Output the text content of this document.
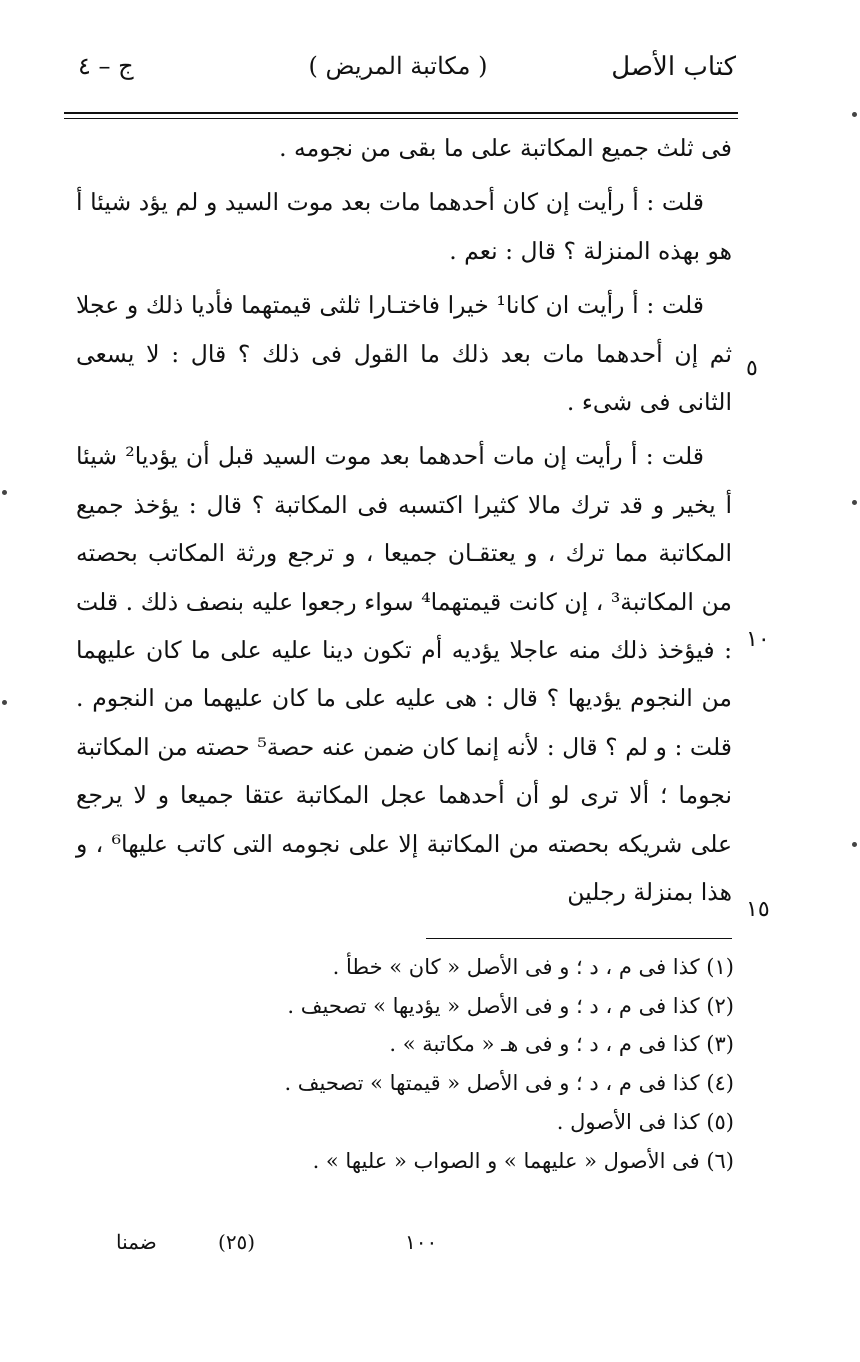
كتاب الأصل
( مكاتبة المريض )
ج – ٤

فى ثلث جميع المكاتبة على ما بقى من نجومه .

قلت : أ رأيت إن كان أحدهما مات بعد موت السيد و لم يؤد شيئا أ هو بهذه المنزلة ؟ قال : نعم .

قلت : أ رأيت ان كانا¹ خيرا فاختـارا ثلثى قيمتهما فأديا ذلك و عجلا ثم إن أحدهما مات بعد ذلك ما القول فى ذلك ؟ قال : لا يسعى الثانى فى شىء .

قلت : أ رأيت إن مات أحدهما بعد موت السيد قبل أن يؤديا² شيئا أ يخير و قد ترك مالا كثيرا اكتسبه فى المكاتبة ؟ قال : يؤخذ جميع المكاتبة مما ترك ، و يعتقـان جميعا ، و ترجع ورثة المكاتب بحصته من المكاتبة³ ، إن كانت قيمتهما⁴ سواء رجعوا عليه بنصف ذلك . قلت : فيؤخذ ذلك منه عاجلا يؤديه أم تكون دينا عليه على ما كان عليهما من النجوم يؤديها ؟ قال : هى عليه على ما كان عليهما من النجوم . قلت : و لم ؟ قال : لأنه إنما كان ضمن عنه حصة⁵ حصته من المكاتبة نجوما ؛ ألا ترى لو أن أحدهما عجل المكاتبة عتقا جميعا و لا يرجع على شريكه بحصته من المكاتبة إلا على نجومه التى كاتب عليها⁶ ، و هذا بمنزلة رجلين

٥
١٠
١٥

(١) كذا فى م ، د ؛ و فى الأصل « كان » خطأ .

(٢) كذا فى م ، د ؛ و فى الأصل « يؤديها » تصحيف .

(٣) كذا فى م ، د ؛ و فى هـ « مكاتبة » .

(٤) كذا فى م ، د ؛ و فى الأصل « قيمتها » تصحيف .

(٥) كذا فى الأصول .

(٦) فى الأصول « عليهما » و الصواب « عليها » .

ضمنا	(٢٥)	١٠٠
